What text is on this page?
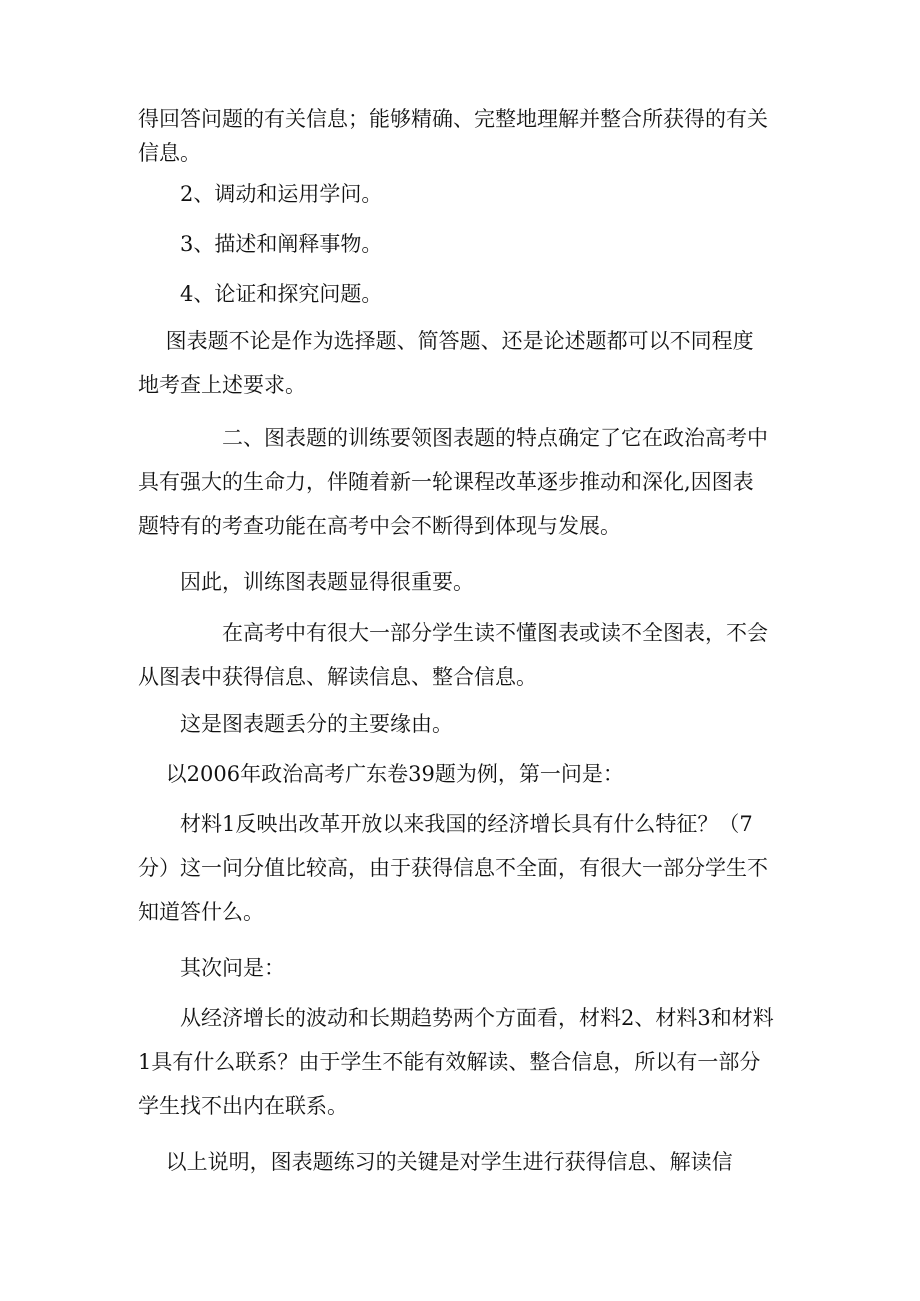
得回答问题的有关信息；能够精确、完整地理解并整合所获得的有关
信息。

　　2、调动和运用学问。

　　3、描述和阐释事物。

　　4、论证和探究问题。

　 图表题不论是作为选择题、简答题、还是论述题都可以不同程度
地考查上述要求。

　　　　二、图表题的训练要领图表题的特点确定了它在政治高考中
具有强大的生命力，伴随着新一轮课程改革逐步推动和深化,因图表
题特有的考查功能在高考中会不断得到体现与发展。

　　因此，训练图表题显得很重要。

　　　　在高考中有很大一部分学生读不懂图表或读不全图表，不会
从图表中获得信息、解读信息、整合信息。

　　这是图表题丢分的主要缘由。

　 以2006年政治高考广东卷39题为例，第一问是：

　　材料1反映出改革开放以来我国的经济增长具有什么特征？（7
分）这一问分值比较高，由于获得信息不全面，有很大一部分学生不
知道答什么。

　　其次问是：

　　从经济增长的波动和长期趋势两个方面看，材料2、材料3和材料
1具有什么联系？由于学生不能有效解读、整合信息，所以有一部分
学生找不出内在联系。

　 以上说明，图表题练习的关键是对学生进行获得信息、解读信
